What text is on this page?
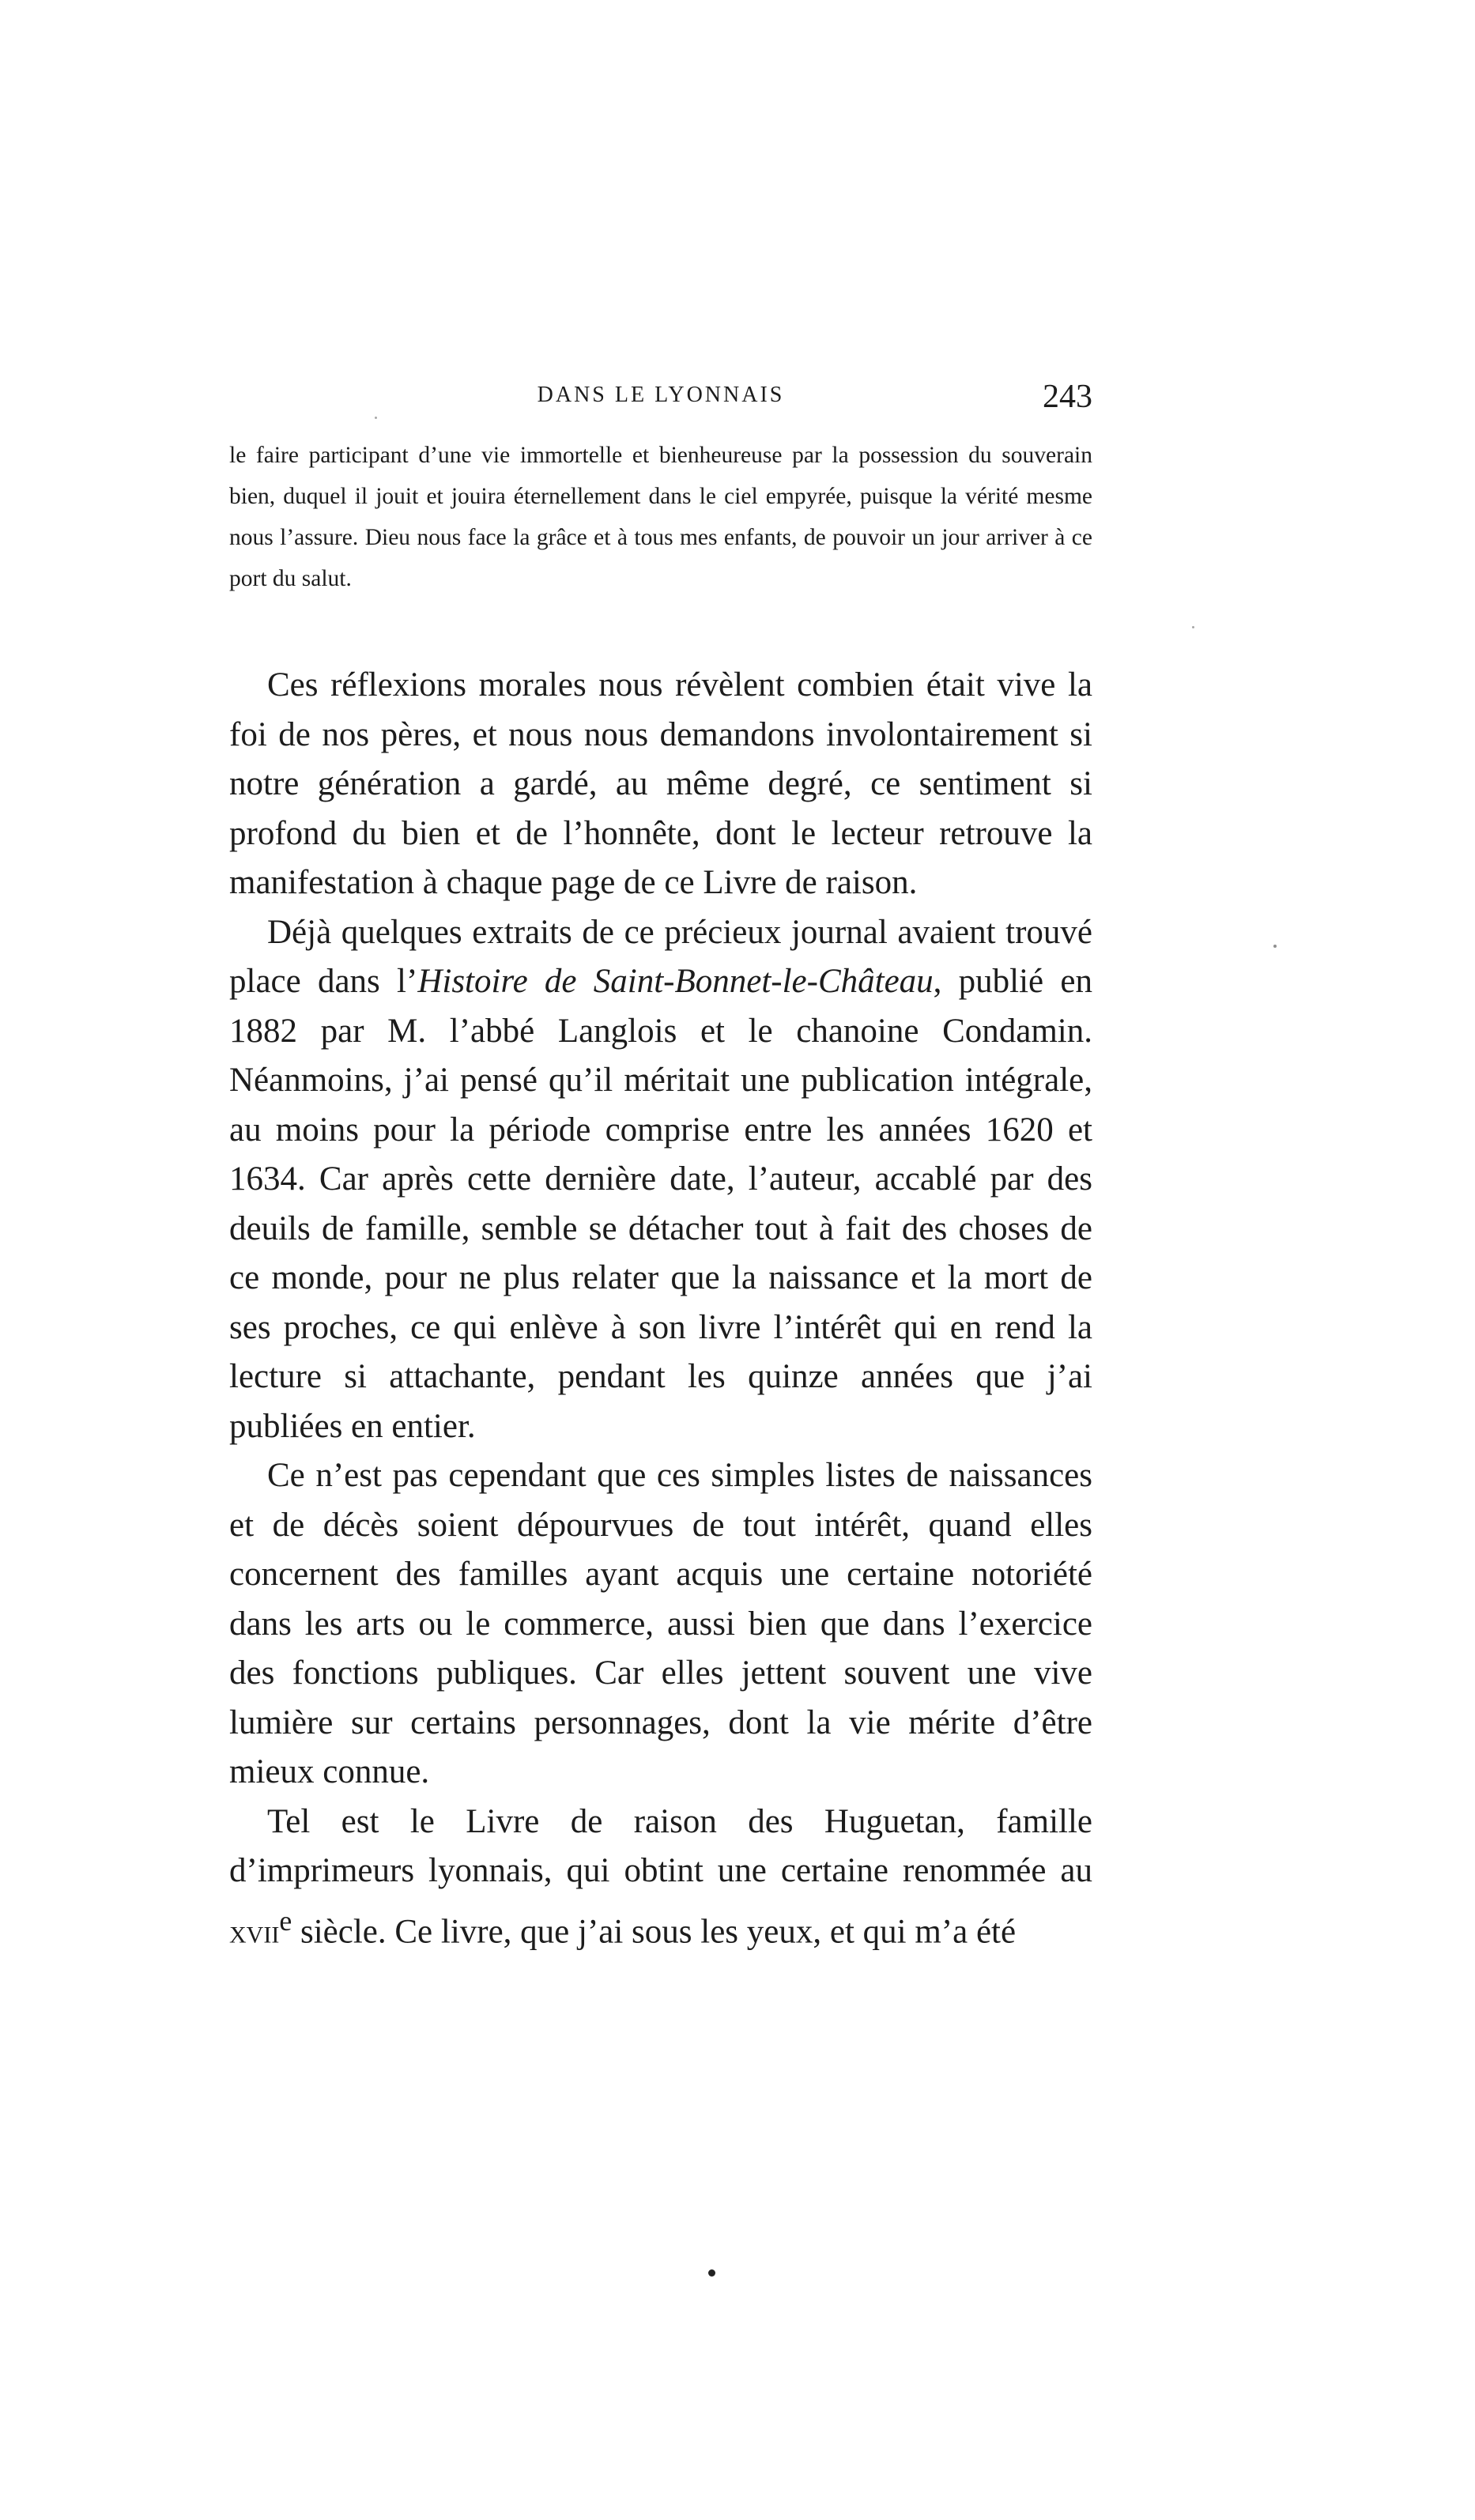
DANS LE LYONNAIS	243
le faire participant d’une vie immortelle et bienheureuse par la possession du souverain bien, duquel il jouit et jouira éternellement dans le ciel empyrée, puisque la vérité mesme nous l’assure. Dieu nous face la grâce et à tous mes enfants, de pouvoir un jour arriver à ce port du salut.

Ces réflexions morales nous révèlent combien était vive la foi de nos pères, et nous nous demandons involontairement si notre génération a gardé, au même degré, ce sentiment si profond du bien et de l’honnête, dont le lecteur retrouve la manifestation à chaque page de ce Livre de raison.

Déjà quelques extraits de ce précieux journal avaient trouvé place dans l’Histoire de Saint-Bonnet-le-Château, publié en 1882 par M. l’abbé Langlois et le chanoine Condamin. Néanmoins, j’ai pensé qu’il méritait une publication intégrale, au moins pour la période comprise entre les années 1620 et 1634. Car après cette dernière date, l’auteur, accablé par des deuils de famille, semble se détacher tout à fait des choses de ce monde, pour ne plus relater que la naissance et la mort de ses proches, ce qui enlève à son livre l’intérêt qui en rend la lecture si attachante, pendant les quinze années que j’ai publiées en entier.

Ce n’est pas cependant que ces simples listes de naissances et de décès soient dépourvues de tout intérêt, quand elles concernent des familles ayant acquis une certaine notoriété dans les arts ou le commerce, aussi bien que dans l’exercice des fonctions publiques. Car elles jettent souvent une vive lumière sur certains personnages, dont la vie mérite d’être mieux connue.

Tel est le Livre de raison des Huguetan, famille d’imprimeurs lyonnais, qui obtint une certaine renommée au xvii$^e$ siècle. Ce livre, que j’ai sous les yeux, et qui m’a été
